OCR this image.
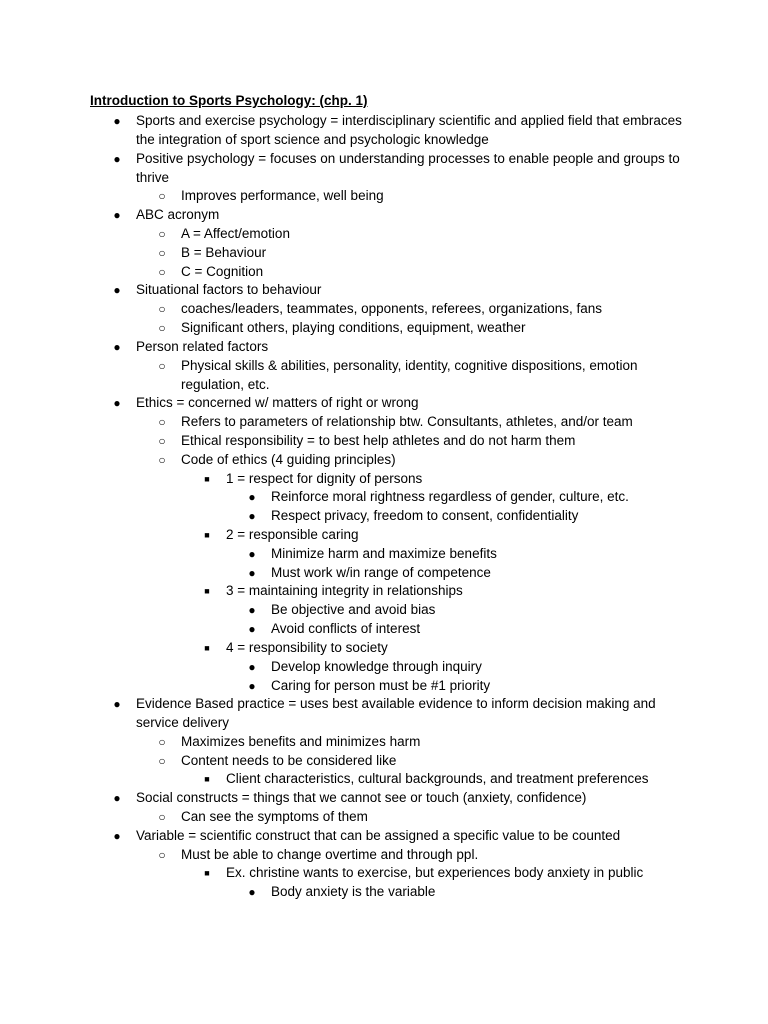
Introduction to Sports Psychology: (chp. 1)
● Sports and exercise psychology = interdisciplinary scientific and applied field that embraces the integration of sport science and psychologic knowledge
● Positive psychology = focuses on understanding processes to enable people and groups to thrive
○ Improves performance, well being
● ABC acronym
○ A = Affect/emotion
○ B = Behaviour
○ C = Cognition
● Situational factors to behaviour
○ coaches/leaders, teammates, opponents, referees, organizations, fans
○ Significant others, playing conditions, equipment, weather
● Person related factors
○ Physical skills & abilities, personality, identity, cognitive dispositions, emotion regulation, etc.
● Ethics = concerned w/ matters of right or wrong
○ Refers to parameters of relationship btw. Consultants, athletes, and/or team
○ Ethical responsibility = to best help athletes and do not harm them
○ Code of ethics (4 guiding principles)
■ 1 = respect for dignity of persons
● Reinforce moral rightness regardless of gender, culture, etc.
● Respect privacy, freedom to consent, confidentiality
■ 2 = responsible caring
● Minimize harm and maximize benefits
● Must work w/in range of competence
■ 3 = maintaining integrity in relationships
● Be objective and avoid bias
● Avoid conflicts of interest
■ 4 = responsibility to society
● Develop knowledge through inquiry
● Caring for person must be #1 priority
● Evidence Based practice = uses best available evidence to inform decision making and service delivery
○ Maximizes benefits and minimizes harm
○ Content needs to be considered like
■ Client characteristics, cultural backgrounds, and treatment preferences
● Social constructs = things that we cannot see or touch (anxiety, confidence)
○ Can see the symptoms of them
● Variable = scientific construct that can be assigned a specific value to be counted
○ Must be able to change overtime and through ppl.
■ Ex. christine wants to exercise, but experiences body anxiety in public
● Body anxiety is the variable
